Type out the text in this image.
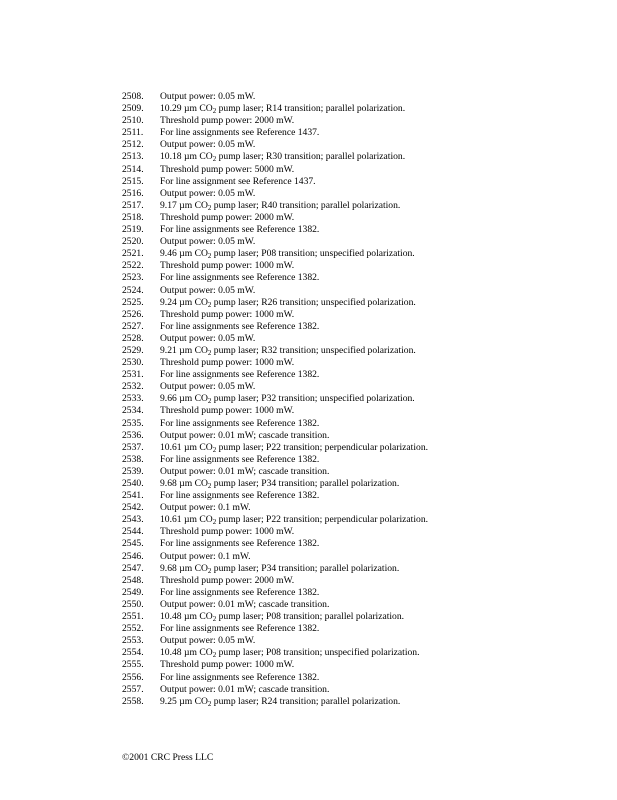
2508. Output power: 0.05 mW.
2509. 10.29 µm $CO_2$ pump laser; R14 transition; parallel polarization.
2510. Threshold pump power: 2000 mW.
2511. For line assignments see Reference 1437.
2512. Output power: 0.05 mW.
2513. 10.18 µm $CO_2$ pump laser; R30 transition; parallel polarization.
2514. Threshold pump power: 5000 mW.
2515. For line assignment see Reference 1437.
2516. Output power: 0.05 mW.
2517. 9.17 µm $CO_2$ pump laser; R40 transition; parallel polarization.
2518. Threshold pump power: 2000 mW.
2519. For line assignments see Reference 1382.
2520. Output power: 0.05 mW.
2521. 9.46 µm $CO_2$ pump laser; P08 transition; unspecified polarization.
2522. Threshold pump power: 1000 mW.
2523. For line assignments see Reference 1382.
2524. Output power: 0.05 mW.
2525. 9.24 µm $CO_2$ pump laser; R26 transition; unspecified polarization.
2526. Threshold pump power: 1000 mW.
2527. For line assignments see Reference 1382.
2528. Output power: 0.05 mW.
2529. 9.21 µm $CO_2$ pump laser; R32 transition; unspecified polarization.
2530. Threshold pump power: 1000 mW.
2531. For line assignments see Reference 1382.
2532. Output power: 0.05 mW.
2533. 9.66 µm $CO_2$ pump laser; P32 transition; unspecified polarization.
2534. Threshold pump power: 1000 mW.
2535. For line assignments see Reference 1382.
2536. Output power: 0.01 mW; cascade transition.
2537. 10.61 µm $CO_2$ pump laser; P22 transition; perpendicular polarization.
2538. For line assignments see Reference 1382.
2539. Output power: 0.01 mW; cascade transition.
2540. 9.68 µm $CO_2$ pump laser; P34 transition; parallel polarization.
2541. For line assignments see Reference 1382.
2542. Output power: 0.1 mW.
2543. 10.61 µm $CO_2$ pump laser; P22 transition; perpendicular polarization.
2544. Threshold pump power: 1000 mW.
2545. For line assignments see Reference 1382.
2546. Output power: 0.1 mW.
2547. 9.68 µm $CO_2$ pump laser; P34 transition; parallel polarization.
2548. Threshold pump power: 2000 mW.
2549. For line assignments see Reference 1382.
2550. Output power: 0.01 mW; cascade transition.
2551. 10.48 µm $CO_2$ pump laser; P08 transition; parallel polarization.
2552. For line assignments see Reference 1382.
2553. Output power: 0.05 mW.
2554. 10.48 µm $CO_2$ pump laser; P08 transition; unspecified polarization.
2555. Threshold pump power: 1000 mW.
2556. For line assignments see Reference 1382.
2557. Output power: 0.01 mW; cascade transition.
2558. 9.25 µm $CO_2$ pump laser; R24 transition; parallel polarization.
©2001 CRC Press LLC
